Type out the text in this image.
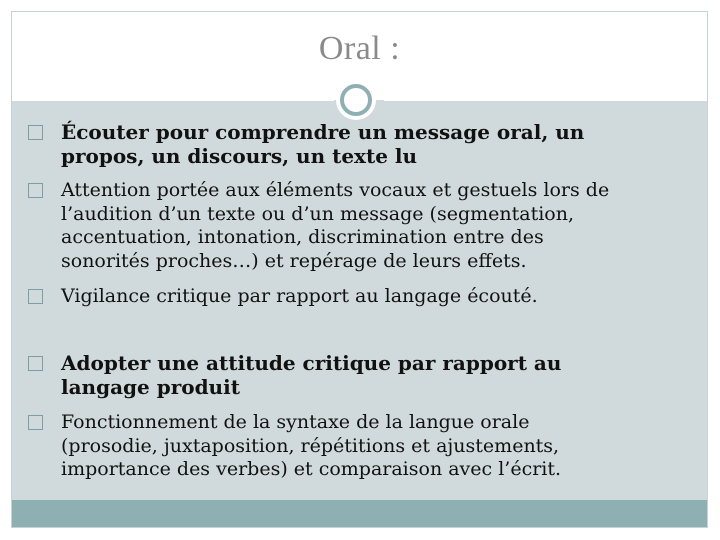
Oral :
Écouter pour comprendre un message oral, un
propos, un discours, un texte lu
Attention portée aux éléments vocaux et gestuels lors de
l’audition d’un texte ou d’un message (segmentation,
accentuation, intonation, discrimination entre des
sonorités proches…) et repérage de leurs effets.
Vigilance critique par rapport au langage écouté.
Adopter une attitude critique par rapport au
langage produit
Fonctionnement de la syntaxe de la langue orale
(prosodie, juxtaposition, répétitions et ajustements,
importance des verbes) et comparaison avec l’écrit.
